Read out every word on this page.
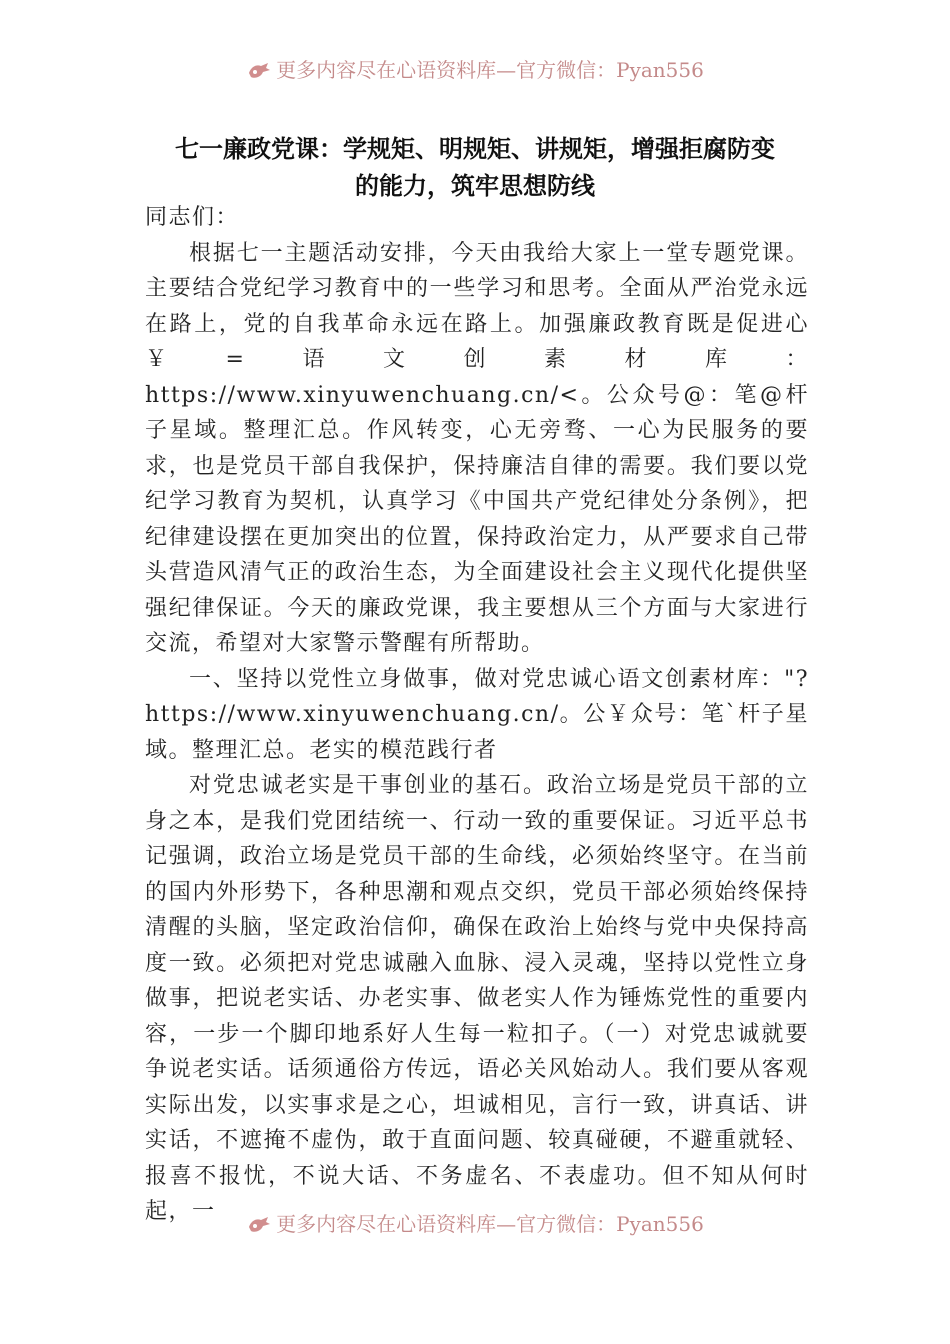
更多内容尽在心语资料库—官方微信：Pyan556
七一廉政党课：学规矩、明规矩、讲规矩，增强拒腐防变
的能力，筑牢思想防线

同志们：

根据七一主题活动安排，今天由我给大家上一堂专题党课。主要结合党纪学习教育中的一些学习和思考。全面从严治党永远在路上，党的自我革命永远在路上。加强廉政教育既是促进心￥=语文创素材库：https://www.xinyuwenchuang.cn/<。公众号@：笔@杆子星域。整理汇总。作风转变，心无旁骛、一心为民服务的要求，也是党员干部自我保护，保持廉洁自律的需要。我们要以党纪学习教育为契机，认真学习《中国共产党纪律处分条例》，把纪律建设摆在更加突出的位置，保持政治定力，从严要求自己带头营造风清气正的政治生态，为全面建设社会主义现代化提供坚强纪律保证。今天的廉政党课，我主要想从三个方面与大家进行交流，希望对大家警示警醒有所帮助。

一、坚持以党性立身做事，做对党忠诚心语文创素材库："?https://www.xinyuwenchuang.cn/。公￥众号：笔`杆子星域。整理汇总。老实的模范践行者

对党忠诚老实是干事创业的基石。政治立场是党员干部的立身之本，是我们党团结统一、行动一致的重要保证。习近平总书记强调，政治立场是党员干部的生命线，必须始终坚守。在当前的国内外形势下，各种思潮和观点交织，党员干部必须始终保持清醒的头脑，坚定政治信仰，确保在政治上始终与党中央保持高度一致。必须把对党忠诚融入血脉、浸入灵魂，坚持以党性立身做事，把说老实话、办老实事、做老实人作为锤炼党性的重要内容，一步一个脚印地系好人生每一粒扣子。（一）对党忠诚就要争说老实话。话须通俗方传远，语必关风始动人。我们要从客观实际出发，以实事求是之心，坦诚相见，言行一致，讲真话、讲实话，不遮掩不虚伪，敢于直面问题、较真碰硬，不避重就轻、报喜不报忧，不说大话、不务虚名、不表虚功。但不知从何时起，一	更多内容尽在心语资料库—官方微信：Pyan556
